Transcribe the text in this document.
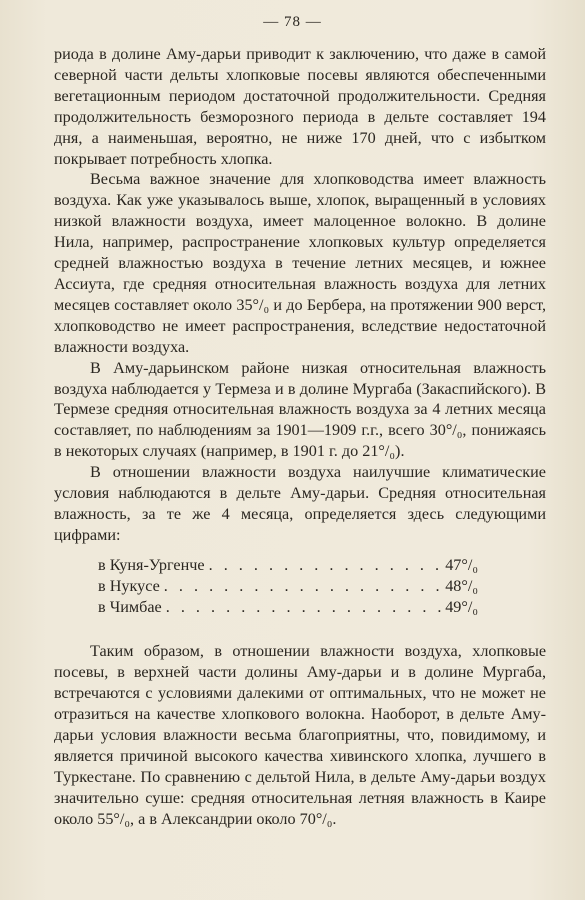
— 78 —

риода в долине Аму-дарьи приводит к заключению, что даже в самой северной части дельты хлопковые посевы являются обеспеченными вегетационным периодом достаточной продолжительности. Средняя продолжительность безморозного периода в дельте составляет 194 дня, а наименьшая, вероятно, не ниже 170 дней, что с избытком покрывает потребность хлопка.

Весьма важное значение для хлопководства имеет влажность воздуха. Как уже указывалось выше, хлопок, выращенный в условиях низкой влажности воздуха, имеет малоценное волокно. В долине Нила, например, распространение хлопковых культур определяется средней влажностью воздуха в течение летних месяцев, и южнее Ассиута, где средняя относительная влажность воздуха для летних месяцев составляет около 35°/₀ и до Бербера, на протяжении 900 верст, хлопководство не имеет распространения, вследствие недостаточной влажности воздуха.

В Аму-дарьинском районе низкая относительная влажность воздуха наблюдается у Термеза и в долине Мургаба (Закаспийского). В Термезе средняя относительная влажность воздуха за 4 летних месяца составляет, по наблюдениям за 1901—1909 г.г., всего 30°/₀, понижаясь в некоторых случаях (например, в 1901 г. до 21°/₀).

В отношении влажности воздуха наилучшие климатические условия наблюдаются в дельте Аму-дарьи. Средняя относительная влажность, за те же 4 месяца, определяется здесь следующими цифрами:

в Куня-Ургенче . . .	47°/₀
в Нукусе . . .	48°/₀
в Чимбае . . .	49°/₀

Таким образом, в отношении влажности воздуха, хлопковые посевы, в верхней части долины Аму-дарьи и в долине Мургаба, встречаются с условиями далекими от оптимальных, что не может не отразиться на качестве хлопкового волокна. Наоборот, в дельте Аму-дарьи условия влажности весьма благоприятны, что, повидимому, и является причиной высокого качества хивинского хлопка, лучшего в Туркестане. По сравнению с дельтой Нила, в дельте Аму-дарьи воздух значительно суше: средняя относительная летняя влажность в Каире около 55°/₀, а в Александрии около 70°/₀.
